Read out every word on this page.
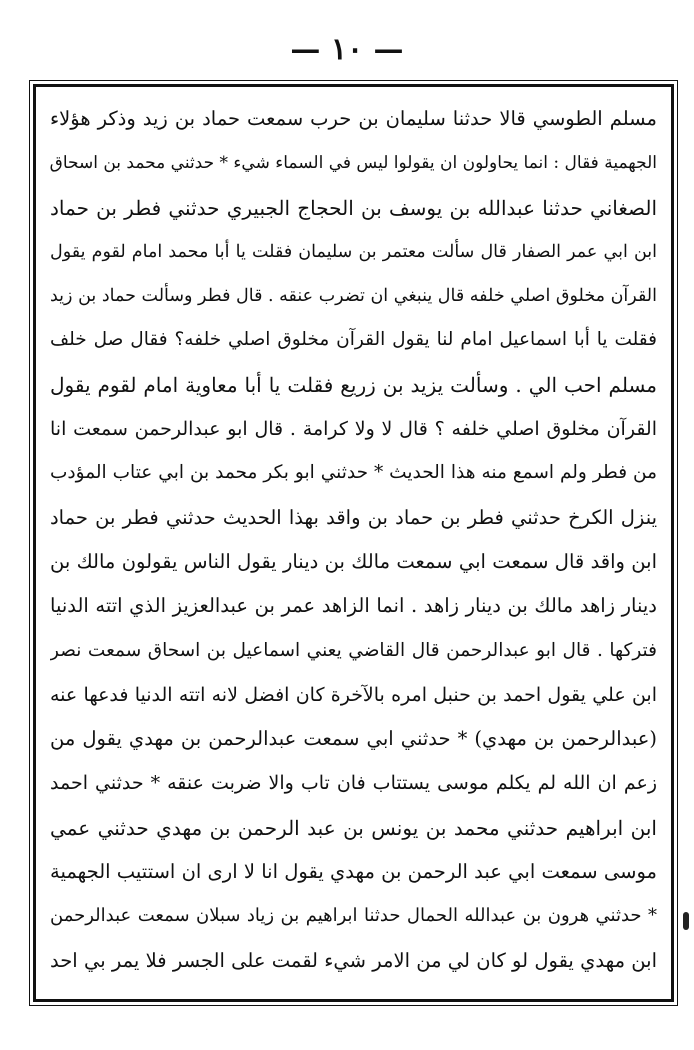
— ١٠ —
مسلم الطوسي قالا حدثنا سليمان بن حرب سمعت حماد بن زيد وذكر هؤلاء
الجهمية فقال : انما يحاولون ان يقولوا ليس في السماء شيء * حدثني محمد بن اسحاق
الصغاني حدثنا عبدالله بن يوسف بن الحجاج الجبيري حدثني فطر بن حماد
ابن ابي عمر الصفار قال سألت معتمر بن سليمان فقلت يا أبا محمد امام لقوم يقول
القرآن مخلوق اصلي خلفه قال ينبغي ان تضرب عنقه . قال فطر وسألت حماد بن زيد
فقلت يا أبا اسماعيل امام لنا يقول القرآن مخلوق اصلي خلفه؟ فقال صل خلف
مسلم احب الي . وسألت يزيد بن زريع فقلت يا أبا معاوية امام لقوم يقول
القرآن مخلوق اصلي خلفه ؟ قال لا ولا كرامة . قال ابو عبدالرحمن سمعت انا
من فطر ولم اسمع منه هذا الحديث * حدثني ابو بكر محمد بن ابي عتاب المؤدب
ينزل الكرخ حدثني فطر بن حماد بن واقد بهذا الحديث حدثني فطر بن حماد
ابن واقد قال سمعت ابي سمعت مالك بن دينار يقول الناس يقولون مالك بن
دينار زاهد مالك بن دينار زاهد . انما الزاهد عمر بن عبدالعزيز الذي اتته الدنيا
فتركها . قال ابو عبدالرحمن قال القاضي يعني اسماعيل بن اسحاق سمعت نصر
ابن علي يقول احمد بن حنبل امره بالآخرة كان افضل لانه اتته الدنيا فدعها عنه
(عبدالرحمن بن مهدي) * حدثني ابي سمعت عبدالرحمن بن مهدي يقول من
زعم ان الله لم يكلم موسى يستتاب فان تاب والا ضربت عنقه * حدثني احمد
ابن ابراهيم حدثني محمد بن يونس بن عبد الرحمن بن مهدي حدثني عمي
موسى سمعت ابي عبد الرحمن بن مهدي يقول انا لا ارى ان استتيب الجهمية
* حدثني هرون بن عبدالله الحمال حدثنا ابراهيم بن زياد سبلان سمعت عبدالرحمن
ابن مهدي يقول لو كان لي من الامر شيء لقمت على الجسر فلا يمر بي احد
